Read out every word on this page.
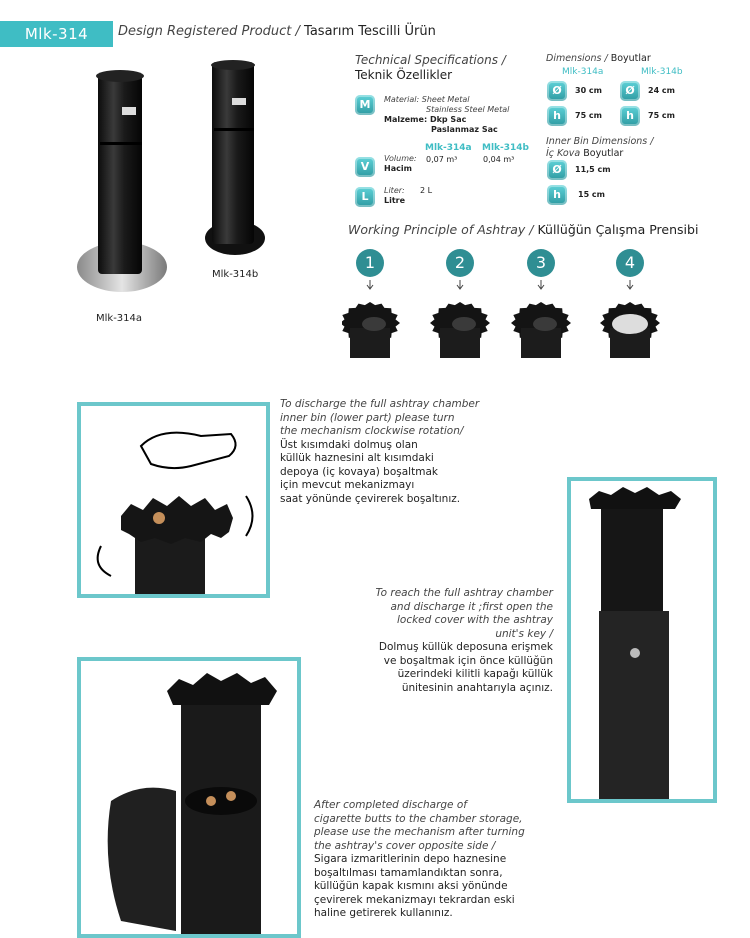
Mlk-314	Design Registered Product / Tasarım Tescilli Ürün
Mlk-314a
Mlk-314b
Technical Specifications /
Teknik Özellikler
M	Material: Sheet Metal
Stainless Steel Metal
Malzeme: Dkp Sac
Paslanmaz Sac
Mlk-314a Mlk-314b
V
Volume:
Hacim
0,07 m³	0,04 m³
L	Liter:
Litre
2 L
Dimensions / Boyutlar
Mlk-314a	Mlk-314b
Ø	30 cm	Ø	24 cm
h	75 cm	h	75 cm
Inner Bin Dimensions /
İç Kova Boyutlar
Ø	11,5 cm
h	15 cm
Working Principle of Ashtray / Küllüğün Çalışma Prensibi
1	2	3	4
To discharge the full ashtray chamber
inner bin (lower part) please turn
the mechanism clockwise rotation/
Üst kısımdaki dolmuş olan
küllük haznesini alt kısımdaki
depoya (iç kovaya) boşaltmak
için mevcut mekanizmayı
saat yönünde çevirerek boşaltınız.
To reach the full ashtray chamber
and discharge it ;first open the
locked cover with the ashtray
unit's key /
Dolmuş küllük deposuna erişmek
ve boşaltmak için önce küllüğün
üzerindeki kilitli kapağı küllük
ünitesinin anahtarıyla açınız.
After completed discharge of
cigarette butts to the chamber storage,
please use the mechanism after turning
the ashtray's cover opposite side /
Sigara izmaritlerinin depo haznesine
boşaltılması tamamlandıktan sonra,
küllüğün kapak kısmını aksi yönünde
çevirerek mekanizmayı tekrardan eski
haline getirerek kullanınız.
